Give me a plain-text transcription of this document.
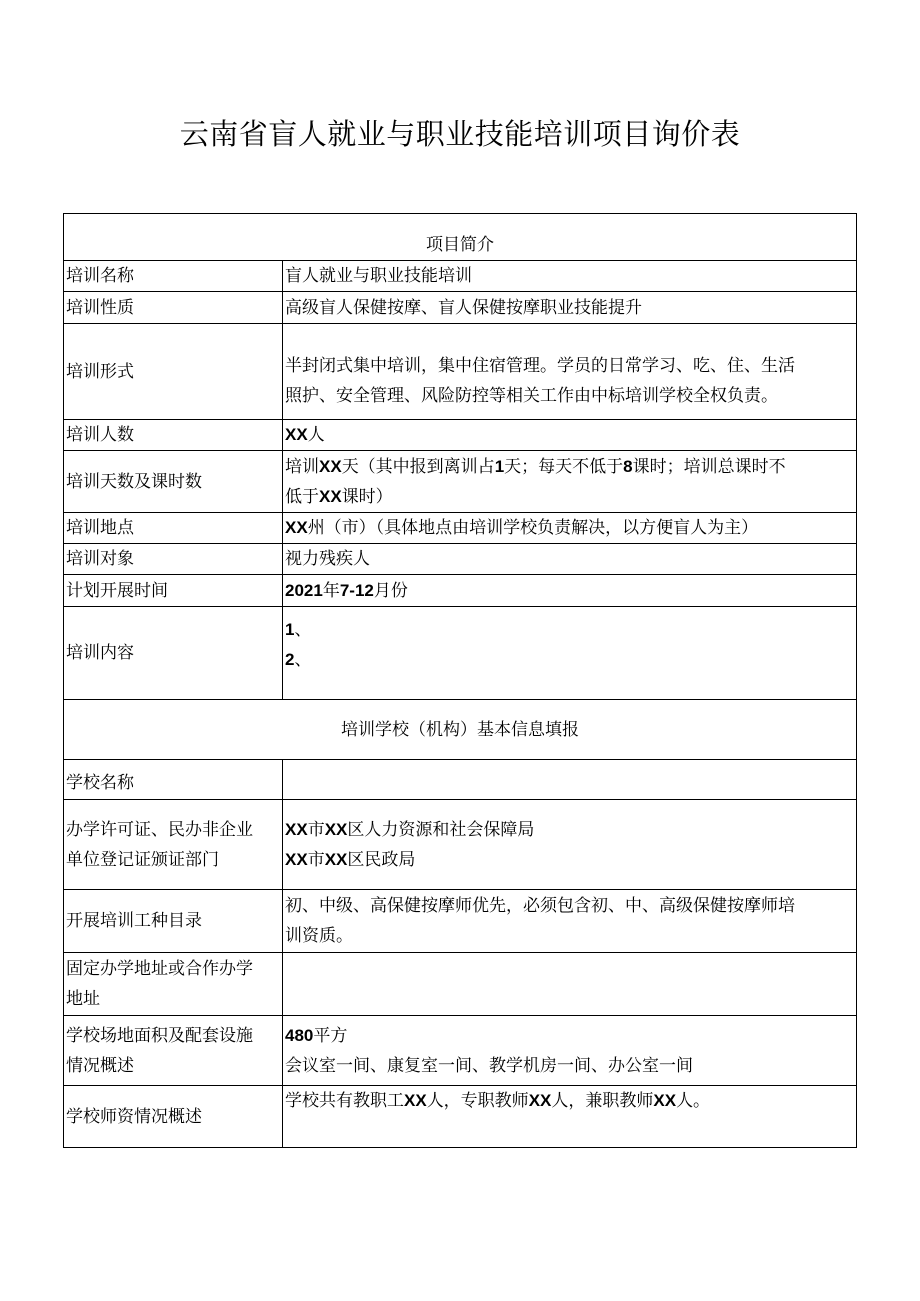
云南省盲人就业与职业技能培训项目询价表
项目简介	
培训名称	盲人就业与职业技能培训
培训性质	高级盲人保健按摩、盲人保健按摩职业技能提升
培训形式	半封闭式集中培训，集中住宿管理。学员的日常学习、吃、住、生活
照护、安全管理、风险防控等相关工作由中标培训学校全权负责。

培训人数	XX人
培训天数及课时数	培训XX天（其中报到离训占1天；每天不低于8课时；培训总课时不
低于XX课时）

培训地点	XX州（市）（具体地点由培训学校负责解决，以方便盲人为主）
培训对象	视力残疾人
计划开展时间	2021年7-12月份
培训内容	1、
2、

培训学校（机构）基本信息填报	
学校名称	

办学许可证、民办非企业
单位登记证颁证部门	XX市XX区人力资源和社会保障局
XX市XX区民政局

开展培训工种目录	初、中级、高保健按摩师优先，必须包含初、中、高级保健按摩师培
训资质。

固定办学地址或合作办学
地址	

学校场地面积及配套设施
情况概述	480平方
会议室一间、康复室一间、教学机房一间、办公室一间

学校师资情况概述	学校共有教职工XX人，专职教师XX人，兼职教师XX人。
